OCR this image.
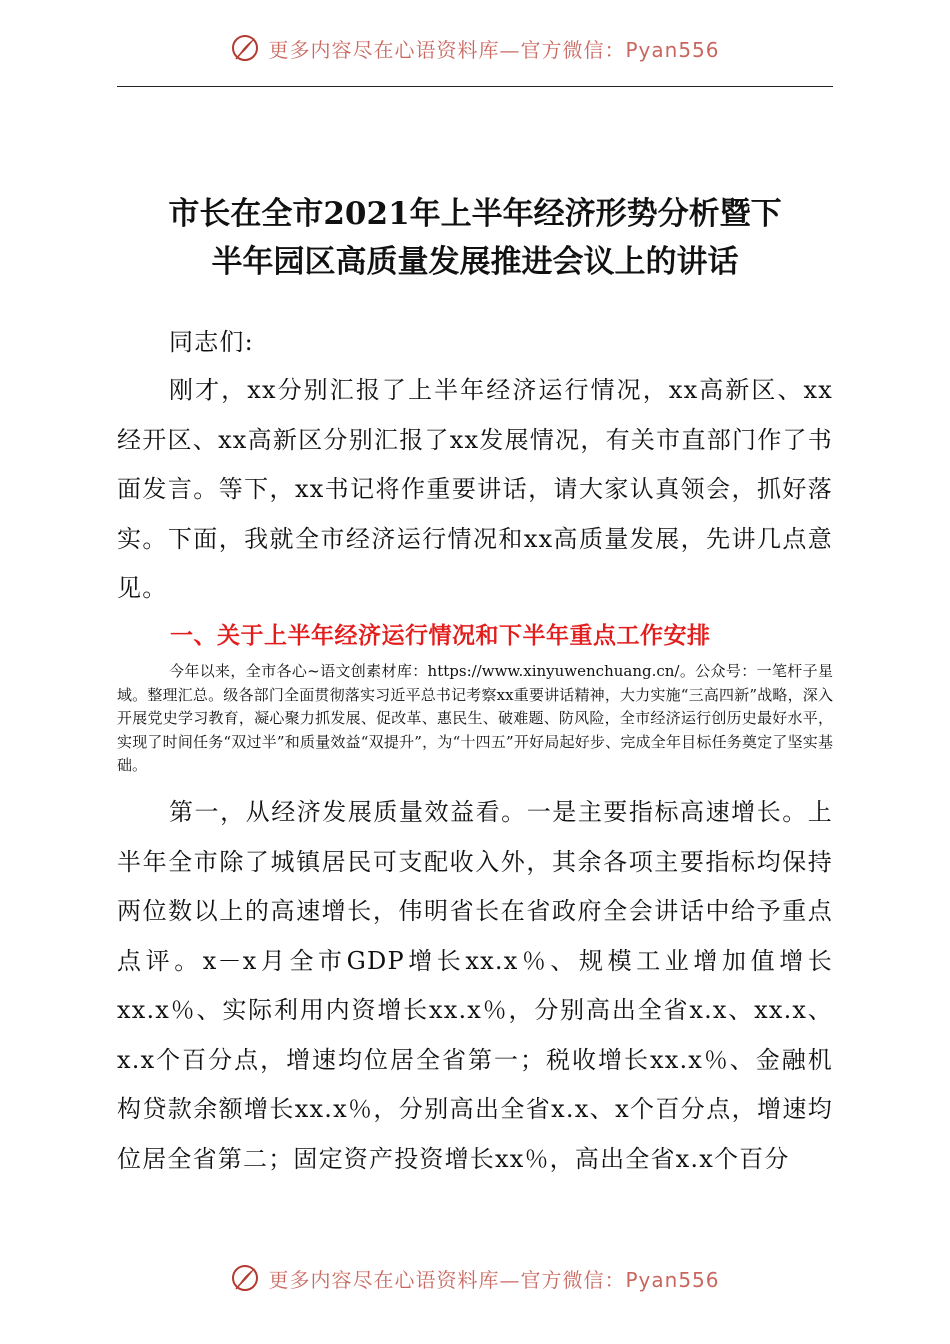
更多内容尽在心语资料库—官方微信：Pyan556
市长在全市2021年上半年经济形势分析暨下
半年园区高质量发展推进会议上的讲话

同志们:

刚才，xx分别汇报了上半年经济运行情况，xx高新区、xx经开区、xx高新区分别汇报了xx发展情况，有关市直部门作了书面发言。等下，xx书记将作重要讲话，请大家认真领会，抓好落实。下面，我就全市经济运行情况和xx高质量发展，先讲几点意见。

一、关于上半年经济运行情况和下半年重点工作安排

今年以来，全市各心~语文创素材库：https://www.xinyuwenchuang.cn/。公众号：一笔杆子星域。整理汇总。级各部门全面贯彻落实习近平总书记考察xx重要讲话精神，大力实施“三高四新”战略，深入开展党史学习教育，凝心聚力抓发展、促改革、惠民生、破难题、防风险，全市经济运行创历史最好水平，实现了时间任务“双过半”和质量效益“双提升”，为“十四五”开好局起好步、完成全年目标任务奠定了坚实基础。

第一，从经济发展质量效益看。一是主要指标高速增长。上半年全市除了城镇居民可支配收入外，其余各项主要指标均保持两位数以上的高速增长，伟明省长在省政府全会讲话中给予重点点评。x－x月全市GDP增长xx.x％、规模工业增加值增长xx.x％、实际利用内资增长xx.x％，分别高出全省x.x、xx.x、x.x个百分点，增速均位居全省第一；税收增长xx.x％、金融机构贷款余额增长xx.x％，分别高出全省x.x、x个百分点，增速均位居全省第二；固定资产投资增长xx％，高出全省x.x个百分

更多内容尽在心语资料库—官方微信：Pyan556
